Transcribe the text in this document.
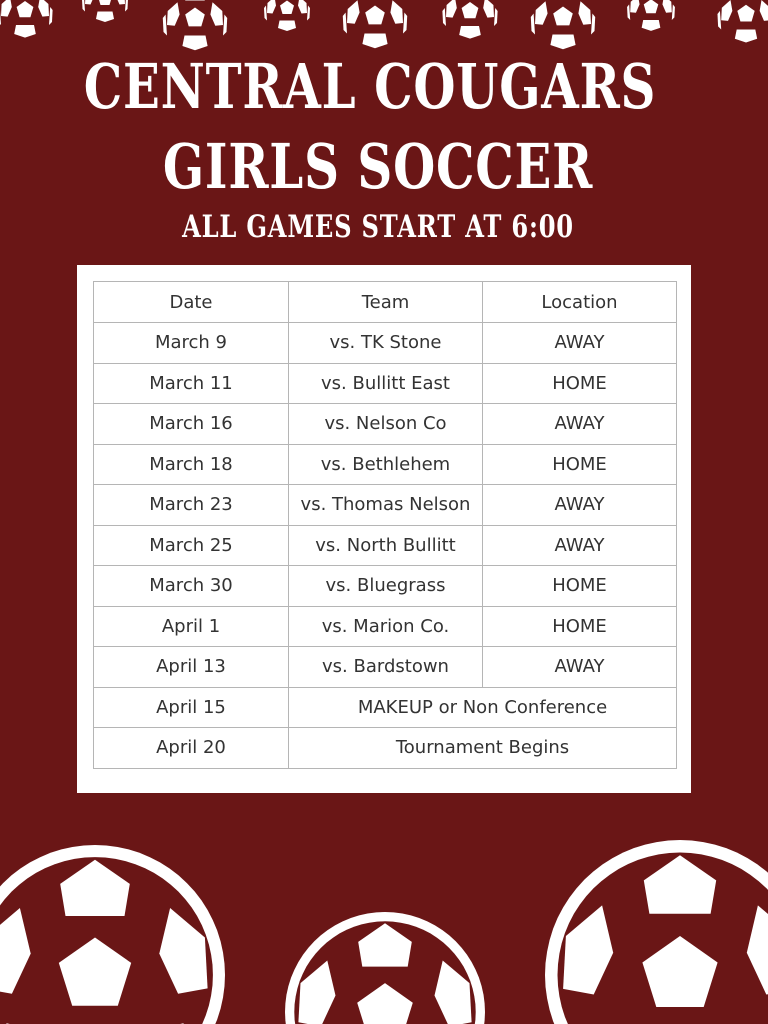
CENTRAL COUGARS
GIRLS SOCCER
ALL GAMES START AT 6:00
Date	Team	Location
March 9	vs. TK Stone	AWAY
March 11	vs. Bullitt East	HOME
March 16	vs. Nelson Co	AWAY
March 18	vs. Bethlehem	HOME
March 23	vs. Thomas Nelson	AWAY
March 25	vs. North Bullitt	AWAY
March 30	vs. Bluegrass	HOME
April 1	vs. Marion Co.	HOME
April 13	vs. Bardstown	AWAY
April 15	MAKEUP or Non Conference	
April 20	Tournament Begins	
